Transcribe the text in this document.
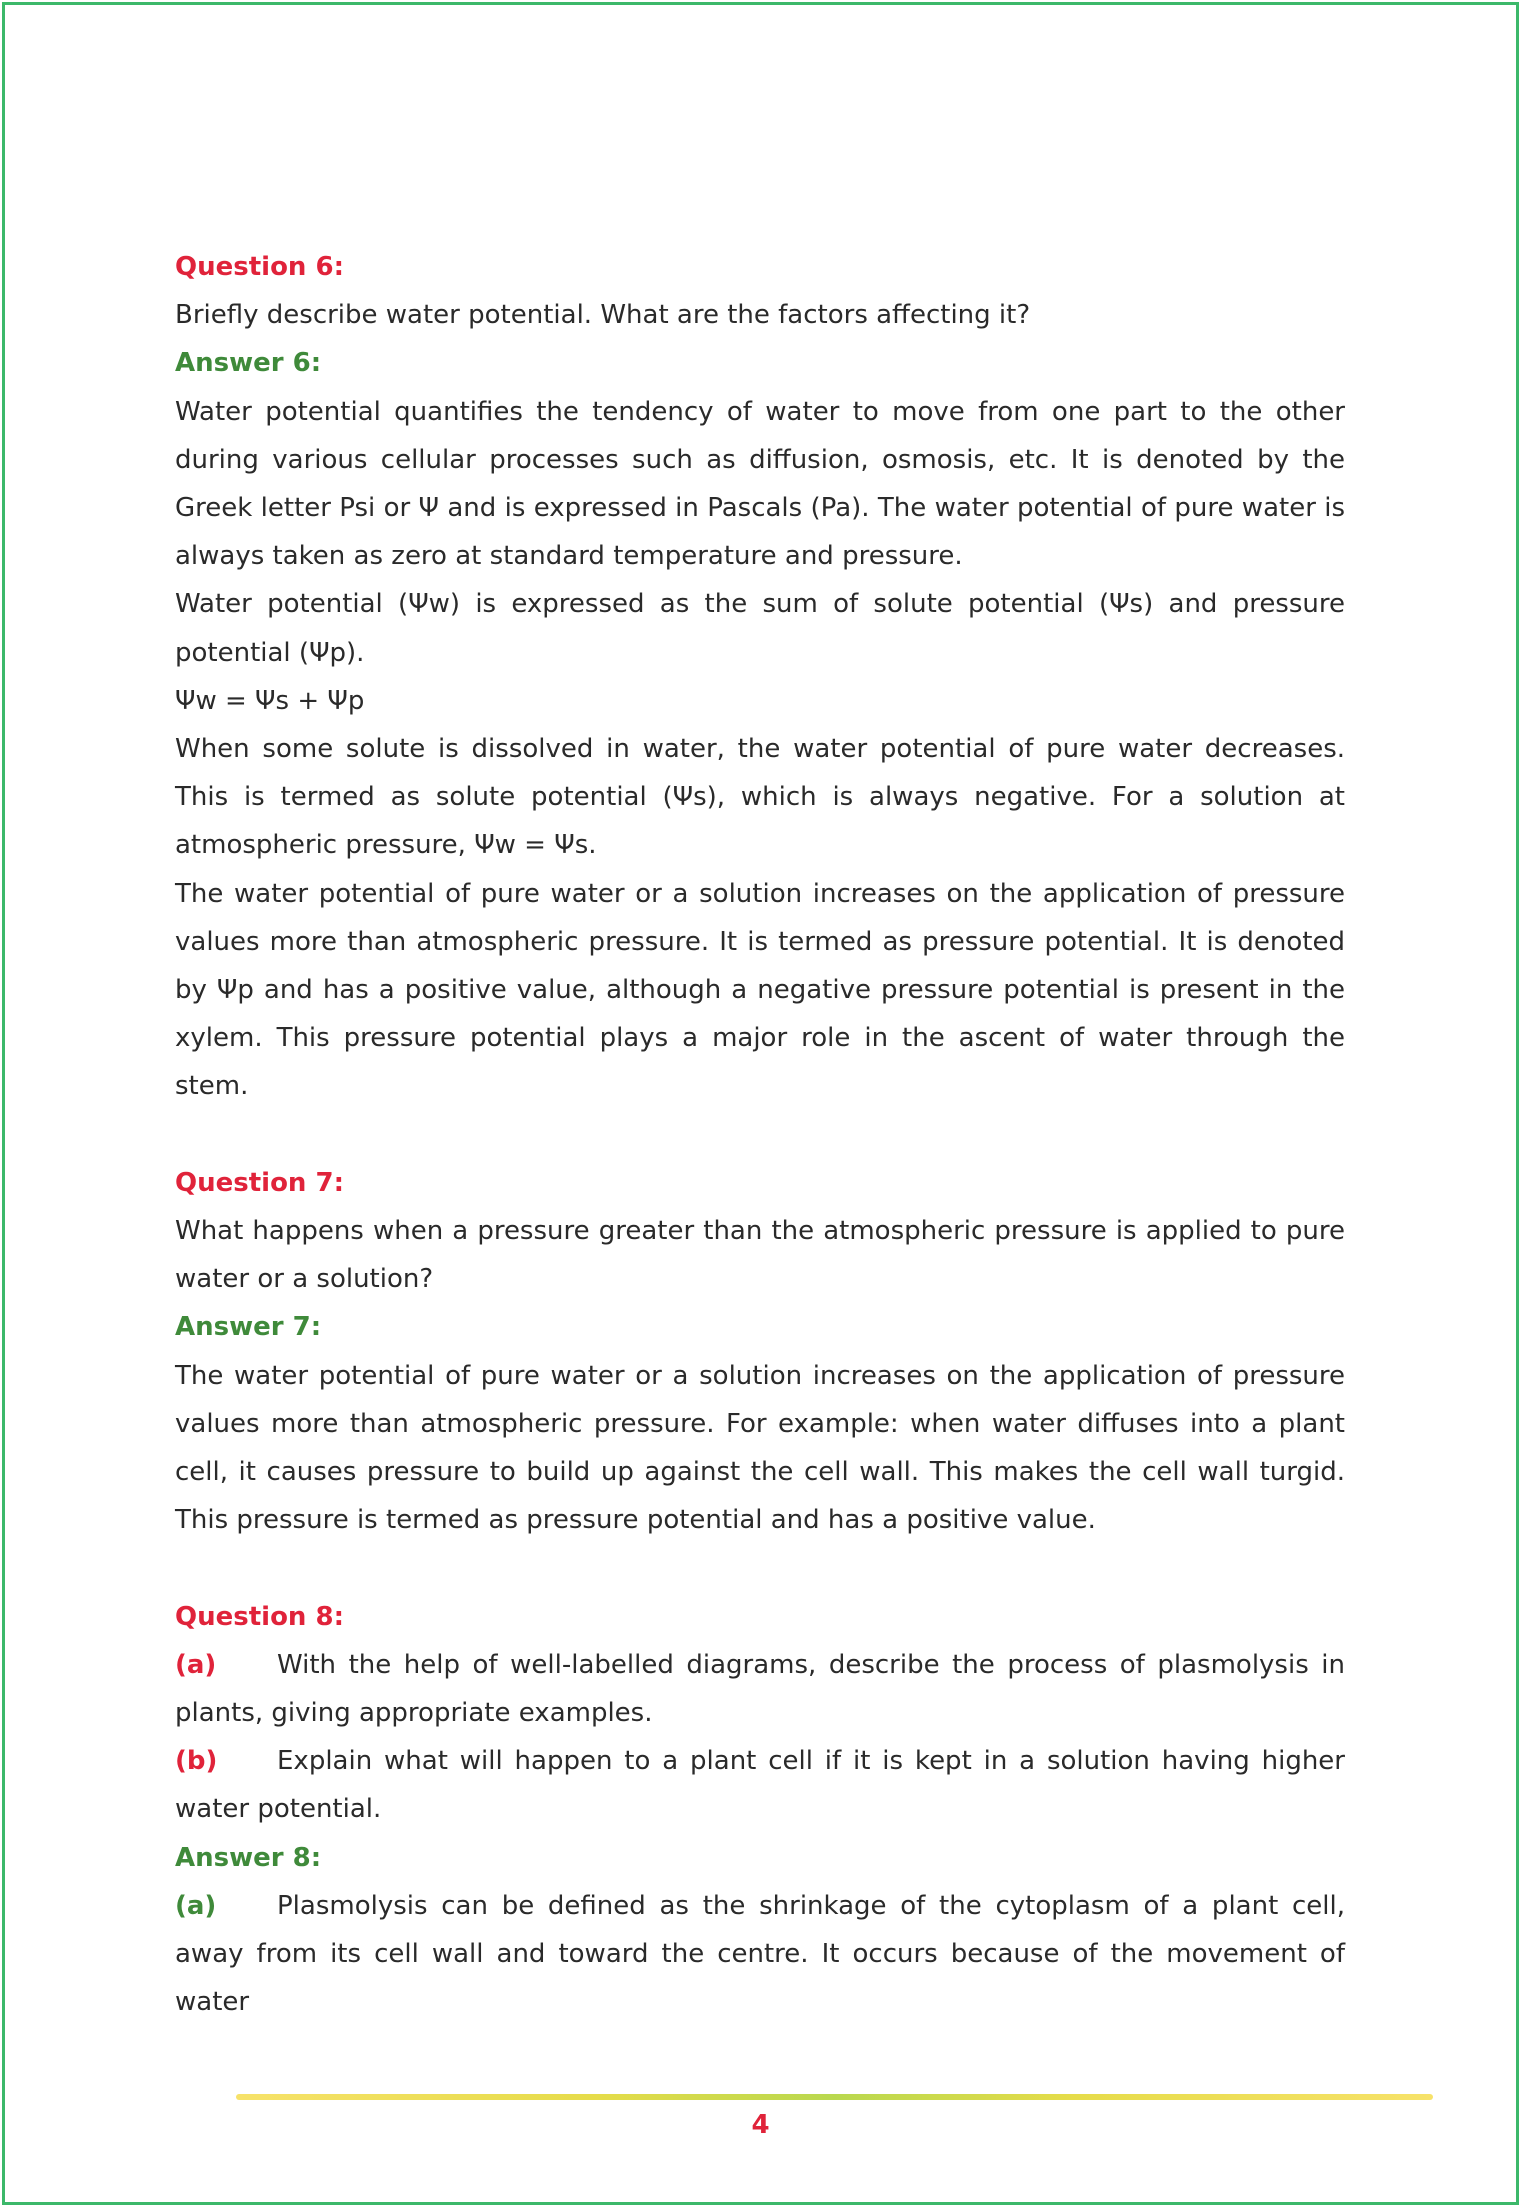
Question 6:

Briefly describe water potential. What are the factors affecting it?

Answer 6:

Water potential quantifies the tendency of water to move from one part to the other during various cellular processes such as diffusion, osmosis, etc. It is denoted by the Greek letter Psi or Ψ and is expressed in Pascals (Pa). The water potential of pure water is always taken as zero at standard temperature and pressure.

Water potential (Ψw) is expressed as the sum of solute potential (Ψs) and pressure potential (Ψp).

Ψw = Ψs + Ψp

When some solute is dissolved in water, the water potential of pure water decreases. This is termed as solute potential (Ψs), which is always negative. For a solution at atmospheric pressure, Ψw = Ψs.

The water potential of pure water or a solution increases on the application of pressure values more than atmospheric pressure. It is termed as pressure potential. It is denoted by Ψp and has a positive value, although a negative pressure potential is present in the xylem. This pressure potential plays a major role in the ascent of water through the stem.

Question 7:

What happens when a pressure greater than the atmospheric pressure is applied to pure water or a solution?

Answer 7:

The water potential of pure water or a solution increases on the application of pressure values more than atmospheric pressure. For example: when water diffuses into a plant cell, it causes pressure to build up against the cell wall. This makes the cell wall turgid. This pressure is termed as pressure potential and has a positive value.

Question 8:

(a) With the help of well-labelled diagrams, describe the process of plasmolysis in plants, giving appropriate examples.

(b) Explain what will happen to a plant cell if it is kept in a solution having higher water potential.

Answer 8:

(a) Plasmolysis can be defined as the shrinkage of the cytoplasm of a plant cell, away from its cell wall and toward the centre. It occurs because of the movement of water

4
